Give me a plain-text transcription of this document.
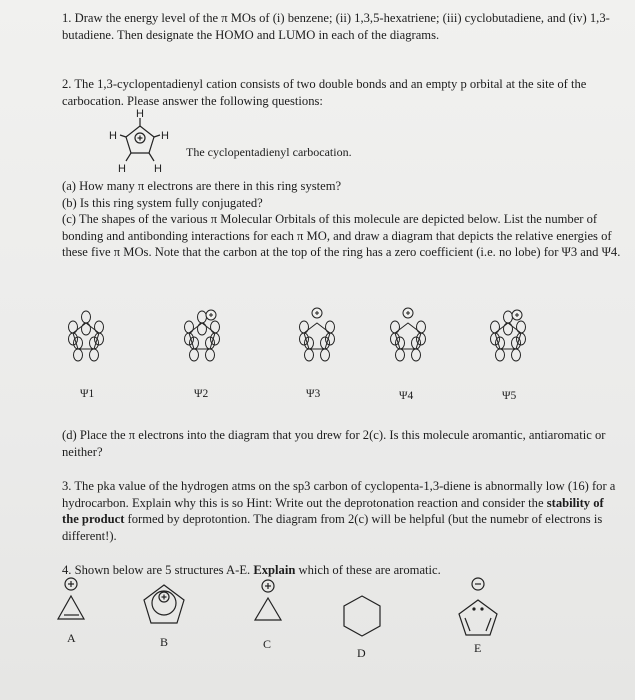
1. Draw the energy level of the π MOs of (i) benzene; (ii) 1,3,5-hexatriene; (iii) cyclobutadiene, and (iv) 1,3-butadiene. Then designate the HOMO and LUMO in each of the diagrams.

2. The 1,3-cyclopentadienyl cation consists of two double bonds and an empty p orbital at the site of the carbocation. Please answer the following questions:

H
H
H
H	H
The cyclopentadienyl carbocation.

(a) How many π electrons are there in this ring system?

(b) Is this ring system fully conjugated?

(c) The shapes of the various π Molecular Orbitals of this molecule are depicted below. List the number of bonding and antibonding interactions for each π MO, and draw a diagram that depicts the relative energies of these five π MOs. Note that the carbon at the top of the ring has a zero coefficient (i.e. no lobe) for Ψ3 and Ψ4.

Ψ1	Ψ2	Ψ3	Ψ4	Ψ5

(d) Place the π electrons into the diagram that you drew for 2(c). Is this molecule aromantic, antiaromatic or neither?

3. The pka value of the hydrogen atms on the sp3 carbon of cyclopenta-1,3-diene is abnormally low (16) for a hydrocarbon. Explain why this is so Hint: Write out the deprotonation reaction and consider the stability of the product formed by deprotontion. The diagram from 2(c) will be helpful (but the numebr of electrons is different!).

4. Shown below are 5 structures A-E. Explain which of these are aromatic.

A	B	C
D	E
